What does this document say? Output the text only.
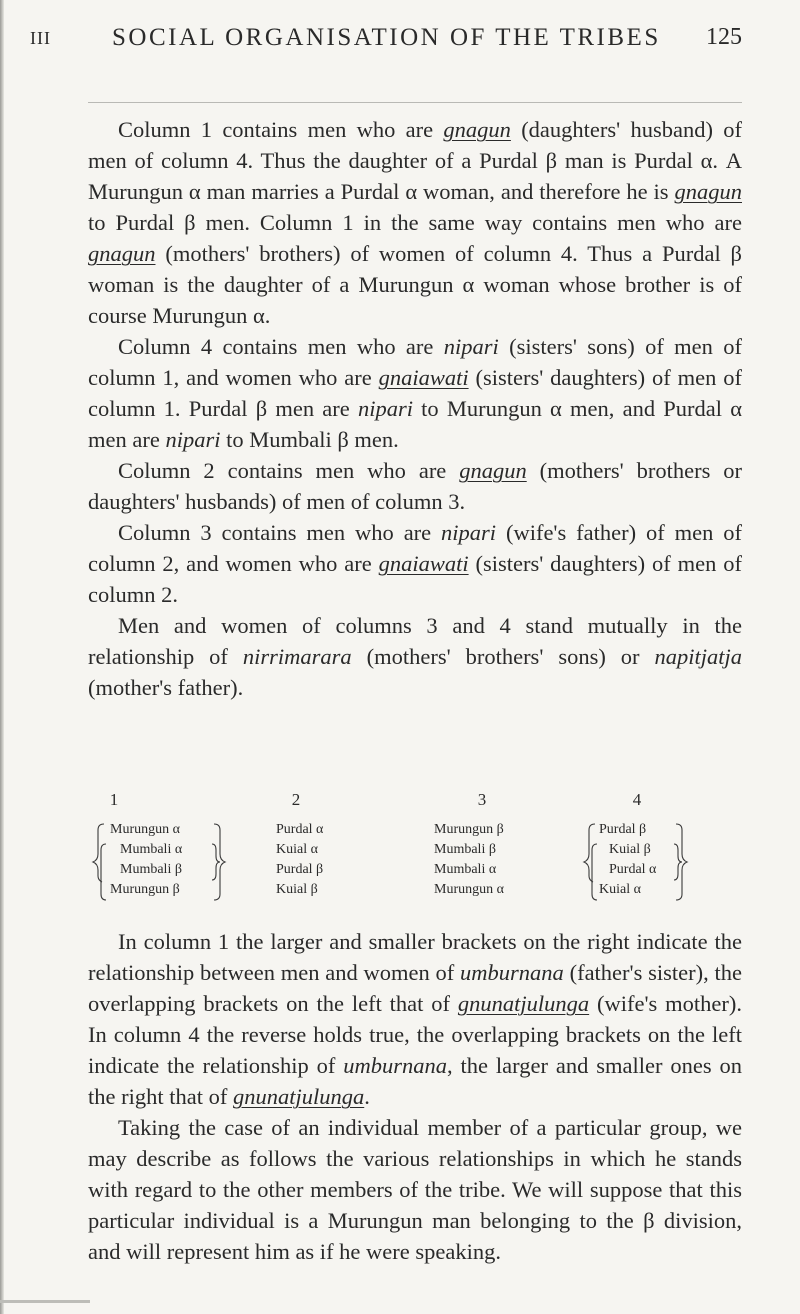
III SOCIAL ORGANISATION OF THE TRIBES 125

Column 1 contains men who are gnagun (daughters' husband) of men of column 4. Thus the daughter of a Purdal β man is Purdal α. A Murungun α man marries a Purdal α woman, and therefore he is gnagun to Purdal β men. Column 1 in the same way contains men who are gnagun (mothers' brothers) of women of column 4. Thus a Purdal β woman is the daughter of a Murungun α woman whose brother is of course Murungun α.

Column 4 contains men who are nipari (sisters' sons) of men of column 1, and women who are gnaiawati (sisters' daughters) of men of column 1. Purdal β men are nipari to Murungun α men, and Purdal α men are nipari to Mumbali β men.

Column 2 contains men who are gnagun (mothers' brothers or daughters' husbands) of men of column 3.

Column 3 contains men who are nipari (wife's father) of men of column 2, and women who are gnaiawati (sisters' daughters) of men of column 2.

Men and women of columns 3 and 4 stand mutually in the relationship of nirrimarara (mothers' brothers' sons) or napitjatja (mother's father).

1
Murungun α
Mumbali α
Mumbali β
Murungun β
2
Purdal α
Kuial α
Purdal β
Kuial β
3
Murungun β
Mumbali β
Mumbali α
Murungun α
4
Purdal β
Kuial β
Purdal α
Kuial α

In column 1 the larger and smaller brackets on the right indicate the relationship between men and women of umburnana (father's sister), the overlapping brackets on the left that of gnunatjulunga (wife's mother). In column 4 the reverse holds true, the overlapping brackets on the left indicate the relationship of umburnana, the larger and smaller ones on the right that of gnunatjulunga.

Taking the case of an individual member of a particular group, we may describe as follows the various relationships in which he stands with regard to the other members of the tribe. We will suppose that this particular individual is a Murungun man belonging to the β division, and will represent him as if he were speaking.
